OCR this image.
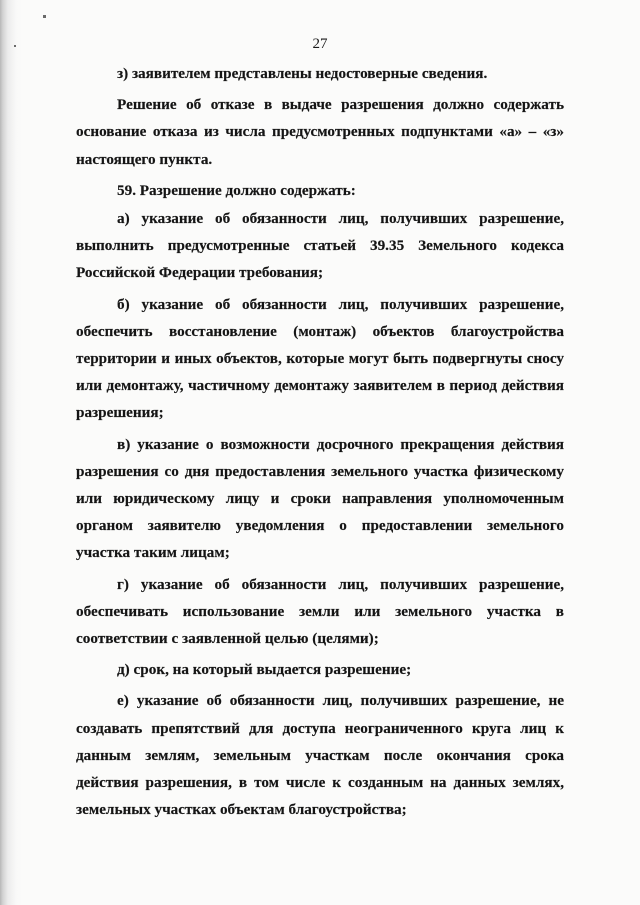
27

з) заявителем представлены недостоверные сведения.

Решение об отказе в выдаче разрешения должно содержать основание отказа из числа предусмотренных подпунктами «а» – «з» настоящего пункта.

59. Разрешение должно содержать:

а) указание об обязанности лиц, получивших разрешение, выполнить предусмотренные статьей 39.35 Земельного кодекса Российской Федерации требования;

б) указание об обязанности лиц, получивших разрешение, обеспечить восстановление (монтаж) объектов благоустройства территории и иных объектов, которые могут быть подвергнуты сносу или демонтажу, частичному демонтажу заявителем в период действия разрешения;

в) указание о возможности досрочного прекращения действия разрешения со дня предоставления земельного участка физическому или юридическому лицу и сроки направления уполномоченным органом заявителю уведомления о предоставлении земельного участка таким лицам;

г) указание об обязанности лиц, получивших разрешение, обеспечивать использование земли или земельного участка в соответствии с заявленной целью (целями);

д) срок, на который выдается разрешение;

е) указание об обязанности лиц, получивших разрешение, не создавать препятствий для доступа неограниченного круга лиц к данным землям, земельным участкам после окончания срока действия разрешения, в том числе к созданным на данных землях, земельных участках объектам благоустройства;
